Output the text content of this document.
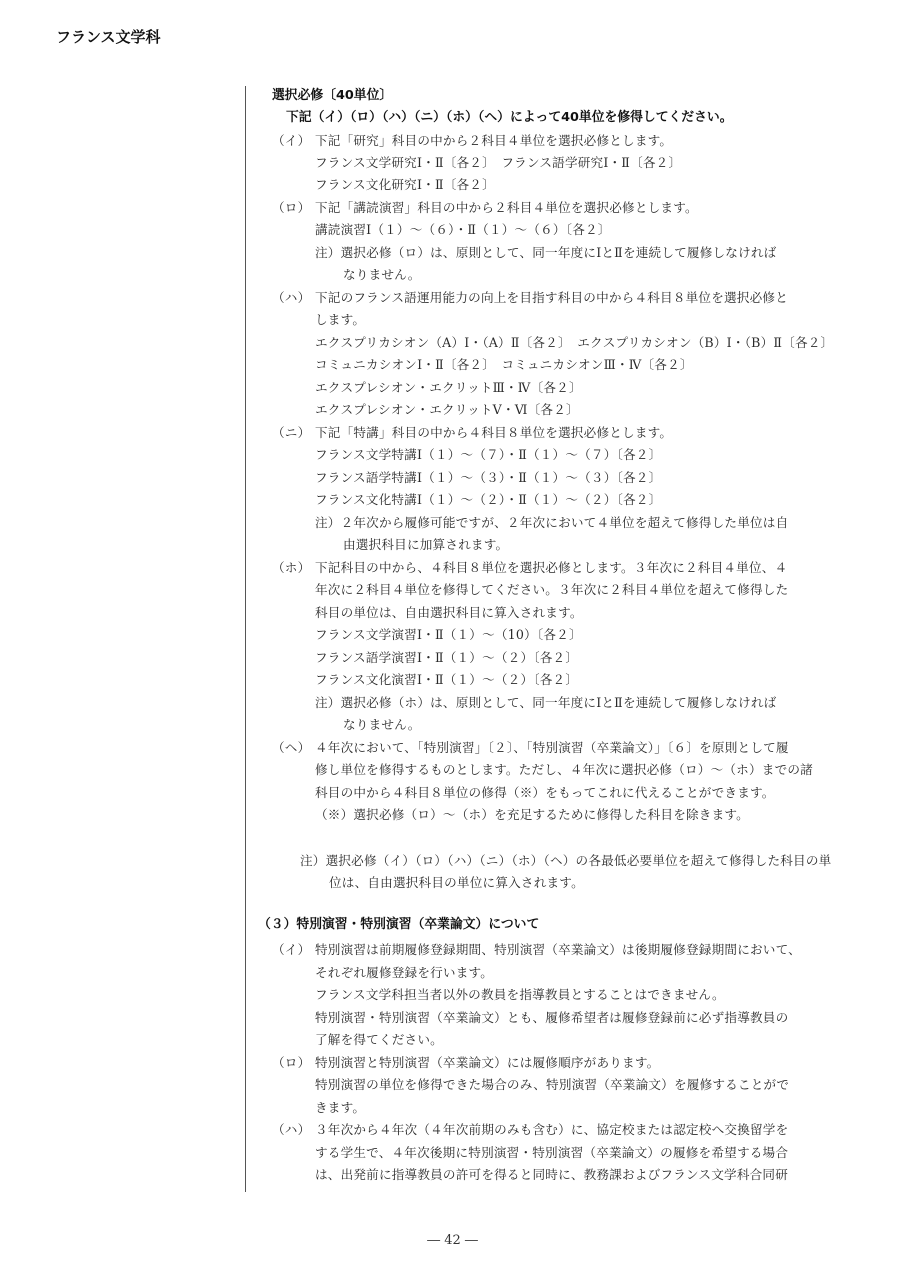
フランス文学科
選択必修〔40単位〕
下記（イ）（ロ）（ハ）（ニ）（ホ）（ヘ）によって40単位を修得してください。
（イ） 下記「研究」科目の中から２科目４単位を選択必修とします。
フランス文学研究Ⅰ・Ⅱ〔各２〕　フランス語学研究Ⅰ・Ⅱ〔各２〕
フランス文化研究Ⅰ・Ⅱ〔各２〕
（ロ） 下記「講読演習」科目の中から２科目４単位を選択必修とします。
講読演習Ⅰ（１）〜（６）・Ⅱ（１）〜（６）〔各２〕
注）選択必修（ロ）は、原則として、同一年度にⅠとⅡを連続して履修しなければ
なりません。
（ハ） 下記のフランス語運用能力の向上を目指す科目の中から４科目８単位を選択必修と
します。
エクスプリカシオン（A）Ⅰ・（A）Ⅱ〔各２〕　エクスプリカシオン（B）Ⅰ・（B）Ⅱ〔各２〕
コミュニカシオンⅠ・Ⅱ〔各２〕　コミュニカシオンⅢ・Ⅳ〔各２〕
エクスプレシオン・エクリットⅢ・Ⅳ〔各２〕
エクスプレシオン・エクリットⅤ・Ⅵ〔各２〕
（ニ） 下記「特講」科目の中から４科目８単位を選択必修とします。
フランス文学特講Ⅰ（１）〜（７）・Ⅱ（１）〜（７）〔各２〕
フランス語学特講Ⅰ（１）〜（３）・Ⅱ（１）〜（３）〔各２〕
フランス文化特講Ⅰ（１）〜（２）・Ⅱ（１）〜（２）〔各２〕
注）２年次から履修可能ですが、２年次において４単位を超えて修得した単位は自
由選択科目に加算されます。
（ホ） 下記科目の中から、４科目８単位を選択必修とします。３年次に２科目４単位、４
年次に２科目４単位を修得してください。３年次に２科目４単位を超えて修得した
科目の単位は、自由選択科目に算入されます。
フランス文学演習Ⅰ・Ⅱ（１）〜（10）〔各２〕
フランス語学演習Ⅰ・Ⅱ（１）〜（２）〔各２〕
フランス文化演習Ⅰ・Ⅱ（１）〜（２）〔各２〕
注）選択必修（ホ）は、原則として、同一年度にⅠとⅡを連続して履修しなければ
なりません。
（ヘ） ４年次において、「特別演習」〔２〕、「特別演習（卒業論文）」〔６〕を原則として履
修し単位を修得するものとします。ただし、４年次に選択必修（ロ）〜（ホ）までの諸
科目の中から４科目８単位の修得（※）をもってこれに代えることができます。
（※）選択必修（ロ）〜（ホ）を充足するために修得した科目を除きます。
注）選択必修（イ）（ロ）（ハ）（ニ）（ホ）（ヘ）の各最低必要単位を超えて修得した科目の単
位は、自由選択科目の単位に算入されます。
（３）特別演習・特別演習（卒業論文）について
（イ） 特別演習は前期履修登録期間、特別演習（卒業論文）は後期履修登録期間において、
それぞれ履修登録を行います。
フランス文学科担当者以外の教員を指導教員とすることはできません。
特別演習・特別演習（卒業論文）とも、履修希望者は履修登録前に必ず指導教員の
了解を得てください。
（ロ） 特別演習と特別演習（卒業論文）には履修順序があります。
特別演習の単位を修得できた場合のみ、特別演習（卒業論文）を履修することがで
きます。
（ハ） ３年次から４年次（４年次前期のみも含む）に、協定校または認定校へ交換留学を
する学生で、４年次後期に特別演習・特別演習（卒業論文）の履修を希望する場合
は、出発前に指導教員の許可を得ると同時に、教務課およびフランス文学科合同研
― 42 ―
